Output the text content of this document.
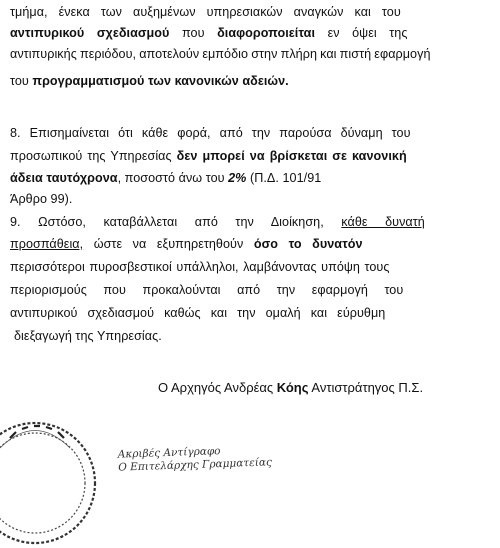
τμήμα, ένεκα των αυξημένων υπηρεσιακών αναγκών και του
αντιπυρικού σχεδιασμού που διαφοροποιείται εν όψει της
αντιπυρικής περιόδου, αποτελούν εμπόδιο στην πλήρη και πιστή εφαρμογή
του προγραμματισμού των κανονικών αδειών.
8. Επισημαίνεται ότι κάθε φορά, από την παρούσα δύναμη του
προσωπικού της Υπηρεσίας δεν μπορεί να βρίσκεται σε κανονική
άδεια ταυτόχρονα, ποσοστό άνω του 2% (Π.Δ. 101/91
Άρθρο 99).
9. Ωστόσο, καταβάλλεται από την Διοίκηση, κάθε δυνατή
προσπάθεια, ώστε να εξυπηρετηθούν όσο το δυνατόν
περισσότεροι πυροσβεστικοί υπάλληλοι, λαμβάνοντας υπόψη τους
περιορισμούς που προκαλούνται από την εφαρμογή του
αντιπυρικού σχεδιασμού καθώς και την ομαλή και εύρυθμη
διεξαγωγή της Υπηρεσίας.
Ο Αρχηγός Ανδρέας Κόης Αντιστράτηγος Π.Σ.
Ακριβές Αντίγραφο
Ο Επιτελάρχης Γραμματείας
